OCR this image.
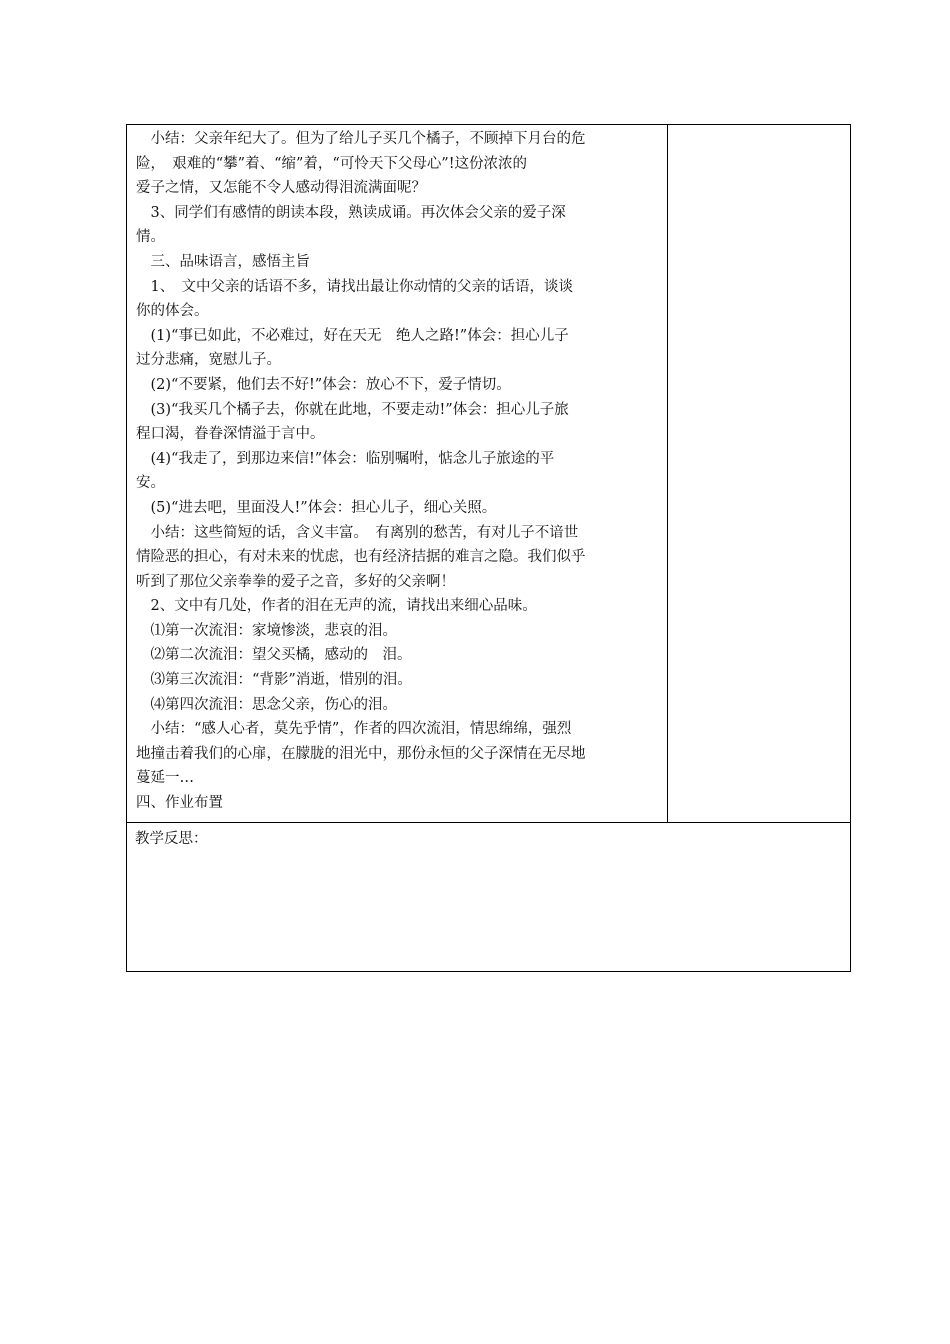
　小结：父亲年纪大了。但为了给儿子买几个橘子，不顾掉下月台的危
险，　艰难的“攀”着、“缩”着，“可怜天下父母心”!这份浓浓的
爱子之情，又怎能不令人感动得泪流满面呢？
　3、同学们有感情的朗读本段，熟读成诵。再次体会父亲的爱子深
情。
　三、品味语言，感悟主旨
　1、　文中父亲的话语不多，请找出最让你动情的父亲的话语，谈谈
你的体会。
　(1)“事已如此，不必难过，好在天无　绝人之路!”体会：担心儿子
过分悲痛，宽慰儿子。
　(2)“不要紧，他们去不好!”体会：放心不下，爱子情切。
　(3)“我买几个橘子去，你就在此地，不要走动!”体会：担心儿子旅
程口渴，眷眷深情溢于言中。
　(4)“我走了，到那边来信!”体会：临别嘱咐，惦念儿子旅途的平
安。
　(5)“进去吧，里面没人!”体会：担心儿子，细心关照。
　小结：这些简短的话，含义丰富。　有离别的愁苦，有对儿子不谙世
情险恶的担心，有对未来的忧虑，也有经济拮据的难言之隐。我们似乎
听到了那位父亲拳拳的爱子之音，多好的父亲啊！
　2、文中有几处，作者的泪在无声的流，请找出来细心品味。
　⑴第一次流泪：家境惨淡，悲哀的泪。
　⑵第二次流泪：望父买橘，感动的　泪。
　⑶第三次流泪：“背影”消逝，惜别的泪。
　⑷第四次流泪：思念父亲，伤心的泪。
　小结：“感人心者，莫先乎情”，作者的四次流泪，情思绵绵，强烈
地撞击着我们的心扉，在朦胧的泪光中，那份永恒的父子深情在无尽地
蔓延一…
四、作业布置
教学反思：
